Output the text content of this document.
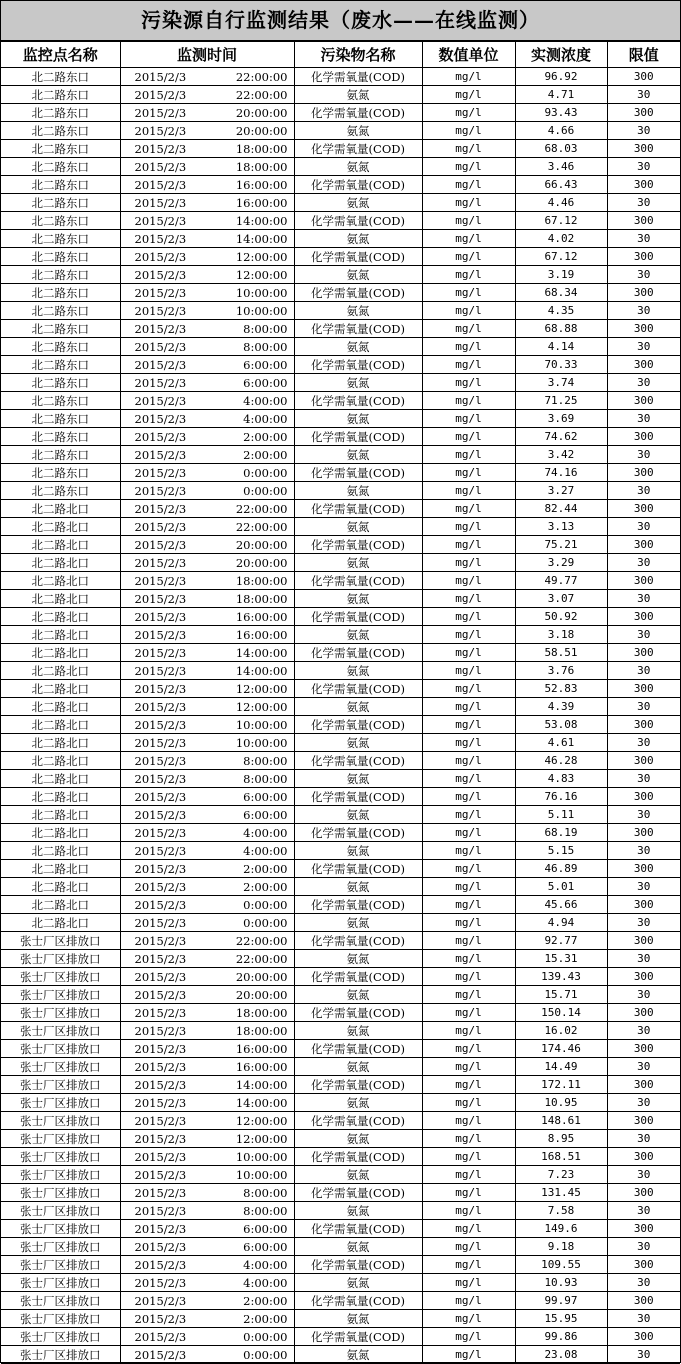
污染源自行监测结果（废水——在线监测）
监控点名称	监测时间	污染物名称	数值单位	实测浓度	限值
北二路东口	2015/2/3 22:00:00	化学需氧量(COD)	mg/l	96.92	300
北二路东口	2015/2/3 22:00:00	氨氮	mg/l	4.71	30
北二路东口	2015/2/3 20:00:00	化学需氧量(COD)	mg/l	93.43	300
北二路东口	2015/2/3 20:00:00	氨氮	mg/l	4.66	30
北二路东口	2015/2/3 18:00:00	化学需氧量(COD)	mg/l	68.03	300
北二路东口	2015/2/3 18:00:00	氨氮	mg/l	3.46	30
北二路东口	2015/2/3 16:00:00	化学需氧量(COD)	mg/l	66.43	300
北二路东口	2015/2/3 16:00:00	氨氮	mg/l	4.46	30
北二路东口	2015/2/3 14:00:00	化学需氧量(COD)	mg/l	67.12	300
北二路东口	2015/2/3 14:00:00	氨氮	mg/l	4.02	30
北二路东口	2015/2/3 12:00:00	化学需氧量(COD)	mg/l	67.12	300
北二路东口	2015/2/3 12:00:00	氨氮	mg/l	3.19	30
北二路东口	2015/2/3 10:00:00	化学需氧量(COD)	mg/l	68.34	300
北二路东口	2015/2/3 10:00:00	氨氮	mg/l	4.35	30
北二路东口	2015/2/3 8:00:00	化学需氧量(COD)	mg/l	68.88	300
北二路东口	2015/2/3 8:00:00	氨氮	mg/l	4.14	30
北二路东口	2015/2/3 6:00:00	化学需氧量(COD)	mg/l	70.33	300
北二路东口	2015/2/3 6:00:00	氨氮	mg/l	3.74	30
北二路东口	2015/2/3 4:00:00	化学需氧量(COD)	mg/l	71.25	300
北二路东口	2015/2/3 4:00:00	氨氮	mg/l	3.69	30
北二路东口	2015/2/3 2:00:00	化学需氧量(COD)	mg/l	74.62	300
北二路东口	2015/2/3 2:00:00	氨氮	mg/l	3.42	30
北二路东口	2015/2/3 0:00:00	化学需氧量(COD)	mg/l	74.16	300
北二路东口	2015/2/3 0:00:00	氨氮	mg/l	3.27	30
北二路北口	2015/2/3 22:00:00	化学需氧量(COD)	mg/l	82.44	300
北二路北口	2015/2/3 22:00:00	氨氮	mg/l	3.13	30
北二路北口	2015/2/3 20:00:00	化学需氧量(COD)	mg/l	75.21	300
北二路北口	2015/2/3 20:00:00	氨氮	mg/l	3.29	30
北二路北口	2015/2/3 18:00:00	化学需氧量(COD)	mg/l	49.77	300
北二路北口	2015/2/3 18:00:00	氨氮	mg/l	3.07	30
北二路北口	2015/2/3 16:00:00	化学需氧量(COD)	mg/l	50.92	300
北二路北口	2015/2/3 16:00:00	氨氮	mg/l	3.18	30
北二路北口	2015/2/3 14:00:00	化学需氧量(COD)	mg/l	58.51	300
北二路北口	2015/2/3 14:00:00	氨氮	mg/l	3.76	30
北二路北口	2015/2/3 12:00:00	化学需氧量(COD)	mg/l	52.83	300
北二路北口	2015/2/3 12:00:00	氨氮	mg/l	4.39	30
北二路北口	2015/2/3 10:00:00	化学需氧量(COD)	mg/l	53.08	300
北二路北口	2015/2/3 10:00:00	氨氮	mg/l	4.61	30
北二路北口	2015/2/3 8:00:00	化学需氧量(COD)	mg/l	46.28	300
北二路北口	2015/2/3 8:00:00	氨氮	mg/l	4.83	30
北二路北口	2015/2/3 6:00:00	化学需氧量(COD)	mg/l	76.16	300
北二路北口	2015/2/3 6:00:00	氨氮	mg/l	5.11	30
北二路北口	2015/2/3 4:00:00	化学需氧量(COD)	mg/l	68.19	300
北二路北口	2015/2/3 4:00:00	氨氮	mg/l	5.15	30
北二路北口	2015/2/3 2:00:00	化学需氧量(COD)	mg/l	46.89	300
北二路北口	2015/2/3 2:00:00	氨氮	mg/l	5.01	30
北二路北口	2015/2/3 0:00:00	化学需氧量(COD)	mg/l	45.66	300
北二路北口	2015/2/3 0:00:00	氨氮	mg/l	4.94	30
张士厂区排放口	2015/2/3 22:00:00	化学需氧量(COD)	mg/l	92.77	300
张士厂区排放口	2015/2/3 22:00:00	氨氮	mg/l	15.31	30
张士厂区排放口	2015/2/3 20:00:00	化学需氧量(COD)	mg/l	139.43	300
张士厂区排放口	2015/2/3 20:00:00	氨氮	mg/l	15.71	30
张士厂区排放口	2015/2/3 18:00:00	化学需氧量(COD)	mg/l	150.14	300
张士厂区排放口	2015/2/3 18:00:00	氨氮	mg/l	16.02	30
张士厂区排放口	2015/2/3 16:00:00	化学需氧量(COD)	mg/l	174.46	300
张士厂区排放口	2015/2/3 16:00:00	氨氮	mg/l	14.49	30
张士厂区排放口	2015/2/3 14:00:00	化学需氧量(COD)	mg/l	172.11	300
张士厂区排放口	2015/2/3 14:00:00	氨氮	mg/l	10.95	30
张士厂区排放口	2015/2/3 12:00:00	化学需氧量(COD)	mg/l	148.61	300
张士厂区排放口	2015/2/3 12:00:00	氨氮	mg/l	8.95	30
张士厂区排放口	2015/2/3 10:00:00	化学需氧量(COD)	mg/l	168.51	300
张士厂区排放口	2015/2/3 10:00:00	氨氮	mg/l	7.23	30
张士厂区排放口	2015/2/3 8:00:00	化学需氧量(COD)	mg/l	131.45	300
张士厂区排放口	2015/2/3 8:00:00	氨氮	mg/l	7.58	30
张士厂区排放口	2015/2/3 6:00:00	化学需氧量(COD)	mg/l	149.6	300
张士厂区排放口	2015/2/3 6:00:00	氨氮	mg/l	9.18	30
张士厂区排放口	2015/2/3 4:00:00	化学需氧量(COD)	mg/l	109.55	300
张士厂区排放口	2015/2/3 4:00:00	氨氮	mg/l	10.93	30
张士厂区排放口	2015/2/3 2:00:00	化学需氧量(COD)	mg/l	99.97	300
张士厂区排放口	2015/2/3 2:00:00	氨氮	mg/l	15.95	30
张士厂区排放口	2015/2/3 0:00:00	化学需氧量(COD)	mg/l	99.86	300
张士厂区排放口	2015/2/3 0:00:00	氨氮	mg/l	23.08	30
